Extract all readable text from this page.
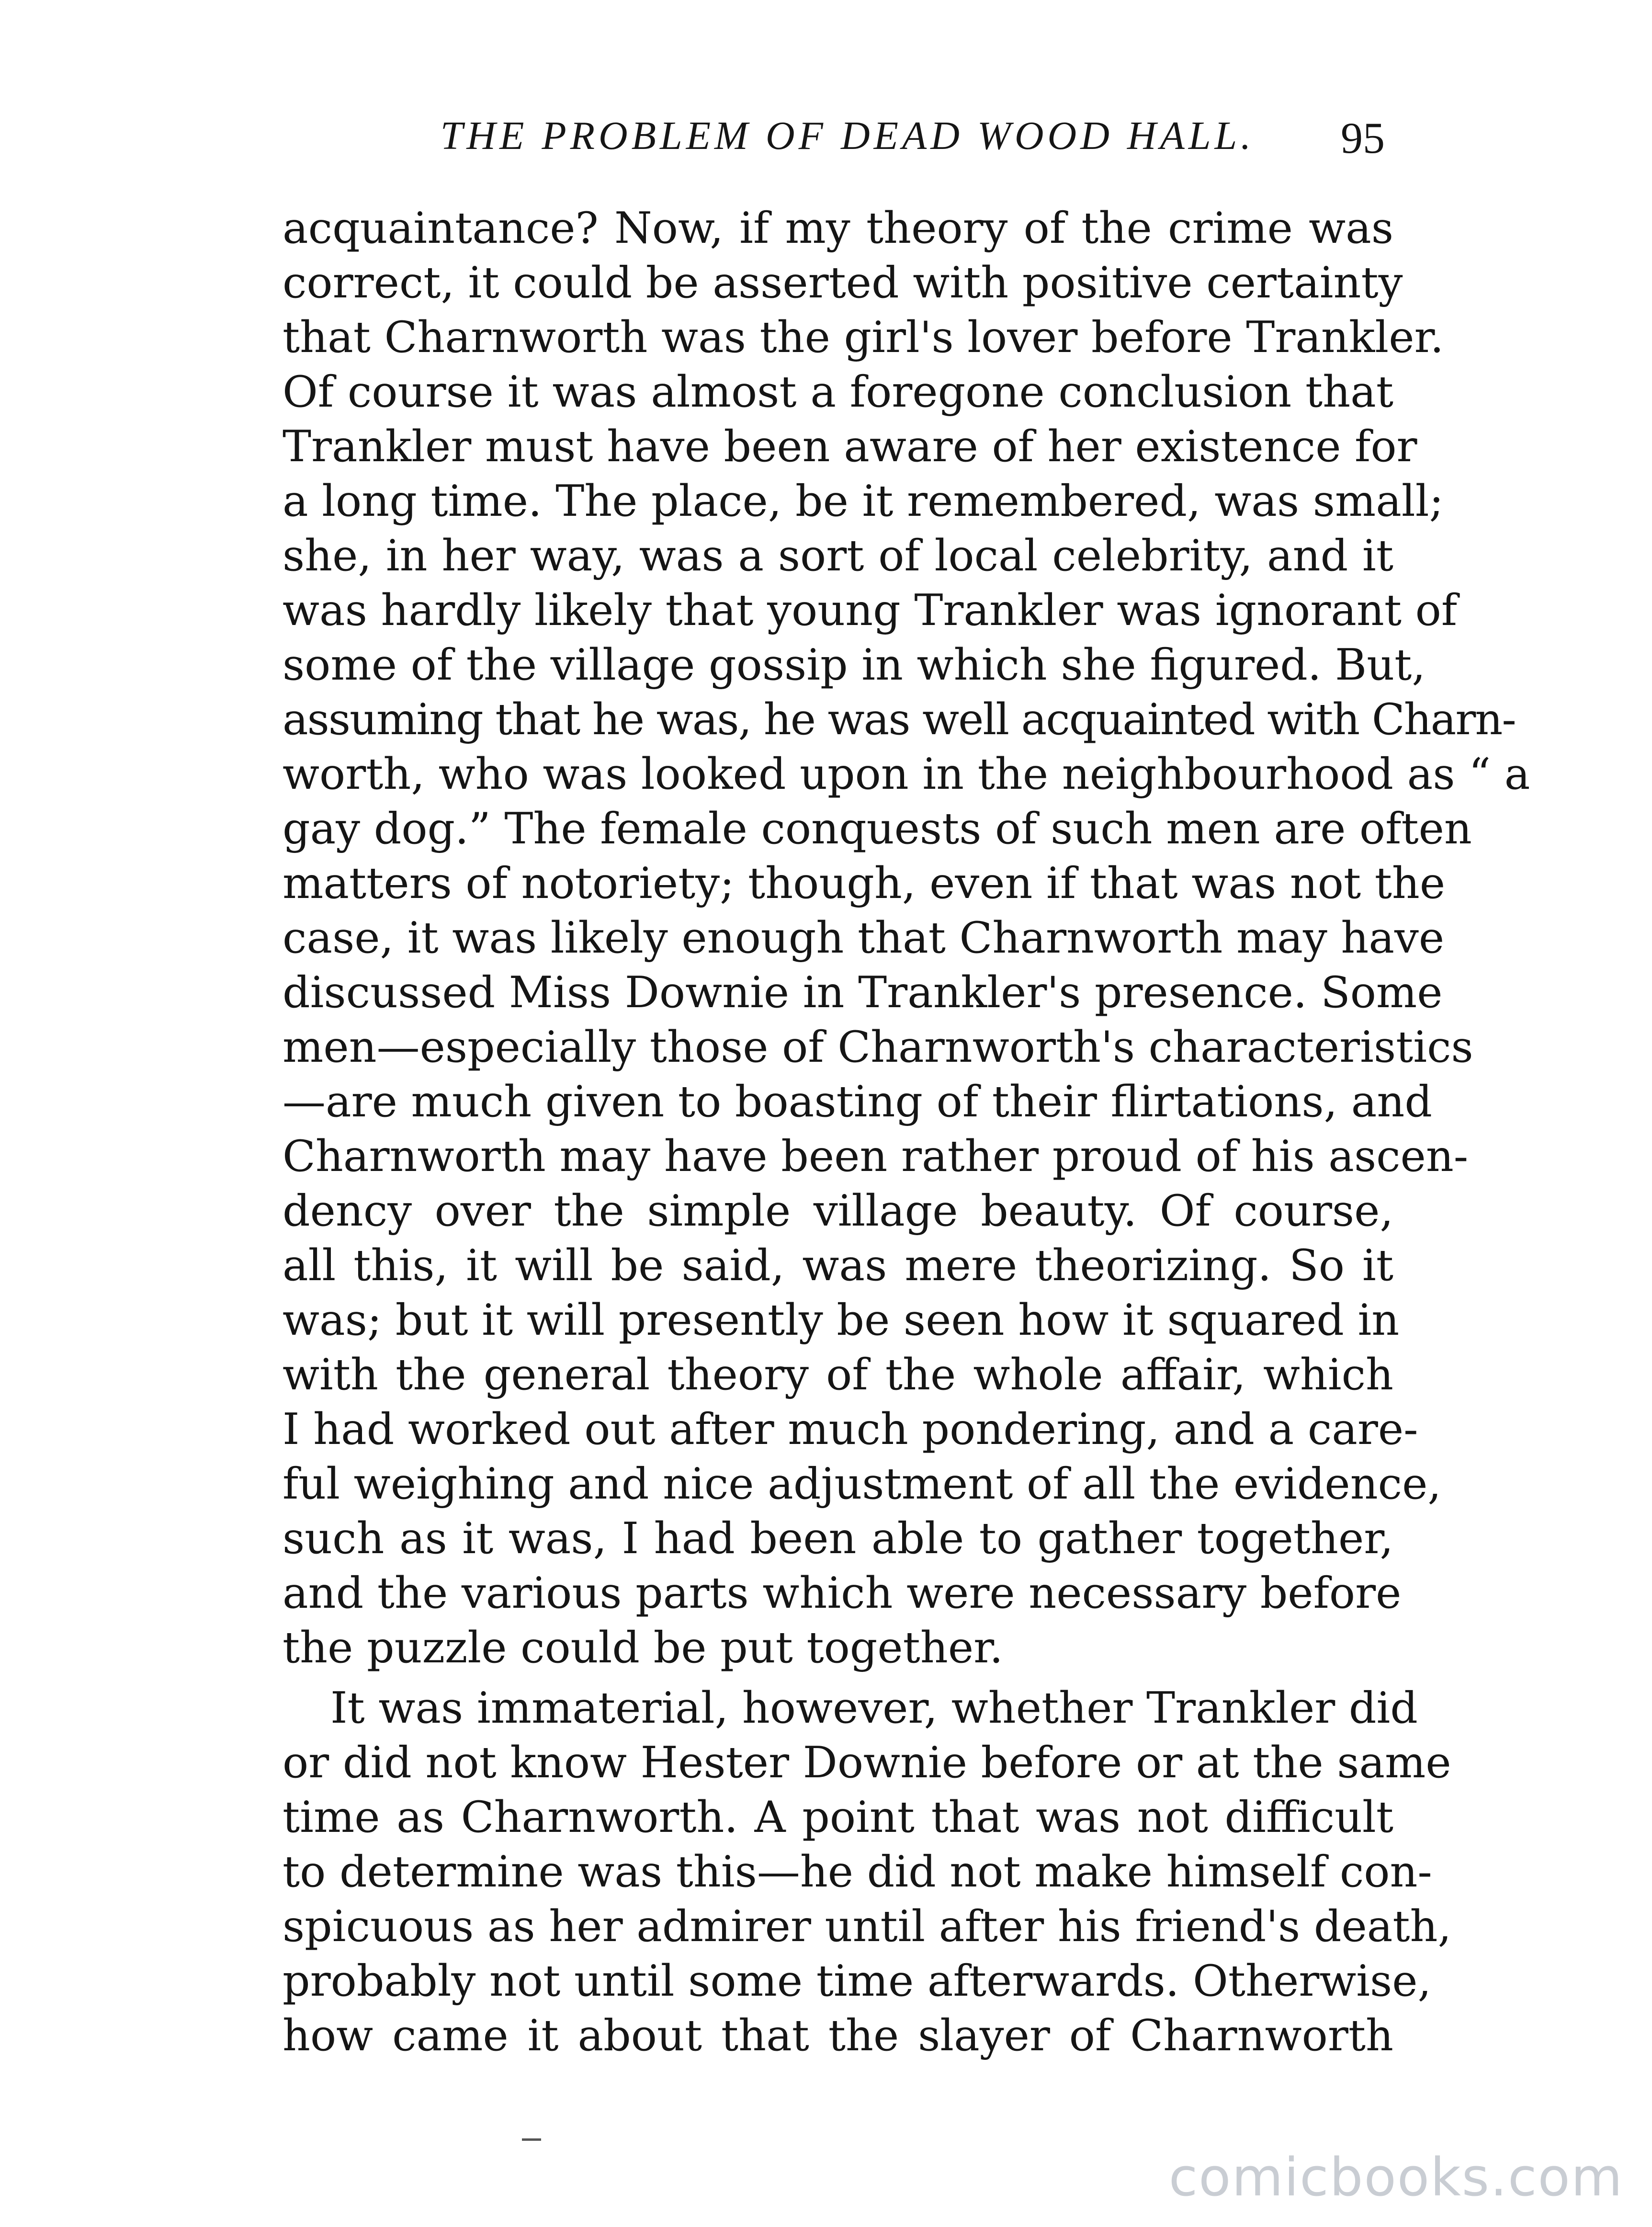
THE PROBLEM OF DEAD WOOD HALL.	95
acquaintance? Now, if my theory of the crime was
correct, it could be asserted with positive certainty
that Charnworth was the girl's lover before Trankler.
Of course it was almost a foregone conclusion that
Trankler must have been aware of her existence for
a long time. The place, be it remembered, was small;
she, in her way, was a sort of local celebrity, and it
was hardly likely that young Trankler was ignorant of
some of the village gossip in which she figured. But,
assuming that he was, he was well acquainted with Charn-
worth, who was looked upon in the neighbourhood as “ a
gay dog.” The female conquests of such men are often
matters of notoriety; though, even if that was not the
case, it was likely enough that Charnworth may have
discussed Miss Downie in Trankler's presence. Some
men—especially those of Charnworth's characteristics
—are much given to boasting of their flirtations, and
Charnworth may have been rather proud of his ascen-
dency over the simple village beauty. Of course,
all this, it will be said, was mere theorizing. So it
was; but it will presently be seen how it squared in
with the general theory of the whole affair, which
I had worked out after much pondering, and a care-
ful weighing and nice adjustment of all the evidence,
such as it was, I had been able to gather together,
and the various parts which were necessary before
the puzzle could be put together.
It was immaterial, however, whether Trankler did
or did not know Hester Downie before or at the same
time as Charnworth. A point that was not difficult
to determine was this—he did not make himself con-
spicuous as her admirer until after his friend's death,
probably not until some time afterwards. Otherwise,
how came it about that the slayer of Charnworth
comicbooks.com
